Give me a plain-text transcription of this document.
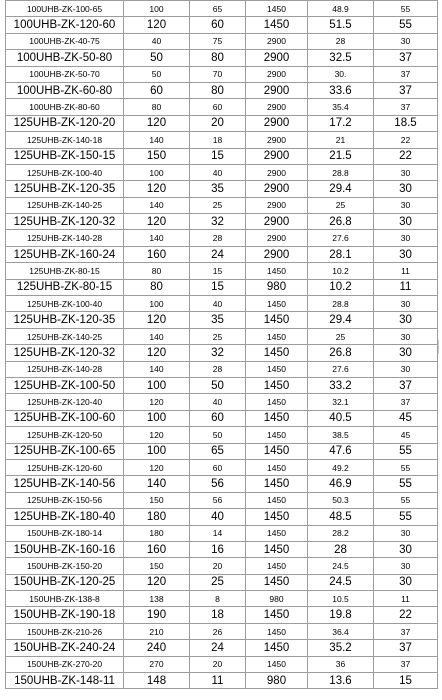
100UHB-ZK-100-65	100	65	1450	48.9	55
100UHB-ZK-120-60	120	60	1450	51.5	55
100UHB-ZK-40-75	40	75	2900	28	30
100UHB-ZK-50-80	50	80	2900	32.5	37
100UHB-ZK-50-70	50	70	2900	30.	37
100UHB-ZK-60-80	60	80	2900	33.6	37
100UHB-ZK-80-60	80	60	2900	35.4	37
125UHB-ZK-120-20	120	20	2900	17.2	18.5
125UHB-ZK-140-18	140	18	2900	21	22
125UHB-ZK-150-15	150	15	2900	21.5	22
125UHB-ZK-100-40	100	40	2900	28.8	30
125UHB-ZK-120-35	120	35	2900	29.4	30
125UHB-ZK-140-25	140	25	2900	25	30
125UHB-ZK-120-32	120	32	2900	26.8	30
125UHB-ZK-140-28	140	28	2900	27.6	30
125UHB-ZK-160-24	160	24	2900	28.1	30
125UHB-ZK-80-15	80	15	1450	10.2	11
125UHB-ZK-80-15	80	15	980	10.2	11
125UHB-ZK-100-40	100	40	1450	28.8	30
125UHB-ZK-120-35	120	35	1450	29.4	30
125UHB-ZK-140-25	140	25	1450	25	30
125UHB-ZK-120-32	120	32	1450	26.8	30
125UHB-ZK-140-28	140	28	1450	27.6	30
125UHB-ZK-100-50	100	50	1450	33.2	37
125UHB-ZK-120-40	120	40	1450	32.1	37
125UHB-ZK-100-60	100	60	1450	40.5	45
125UHB-ZK-120-50	120	50	1450	38.5	45
125UHB-ZK-100-65	100	65	1450	47.6	55
125UHB-ZK-120-60	120	60	1450	49.2	55
125UHB-ZK-140-56	140	56	1450	46.9	55
125UHB-ZK-150-56	150	56	1450	50.3	55
125UHB-ZK-180-40	180	40	1450	48.5	55
150UHB-ZK-180-14	180	14	1450	28.2	30
150UHB-ZK-160-16	160	16	1450	28	30
150UHB-ZK-150-20	150	20	1450	24.5	30
150UHB-ZK-120-25	120	25	1450	24.5	30
150UHB-ZK-138-8	138	8	980	10.5	11
150UHB-ZK-190-18	190	18	1450	19.8	22
150UHB-ZK-210-26	210	26	1450	36.4	37
150UHB-ZK-240-24	240	24	1450	35.2	37
150UHB-ZK-270-20	270	20	1450	36	37
150UHB-ZK-148-11	148	11	980	13.6	15
